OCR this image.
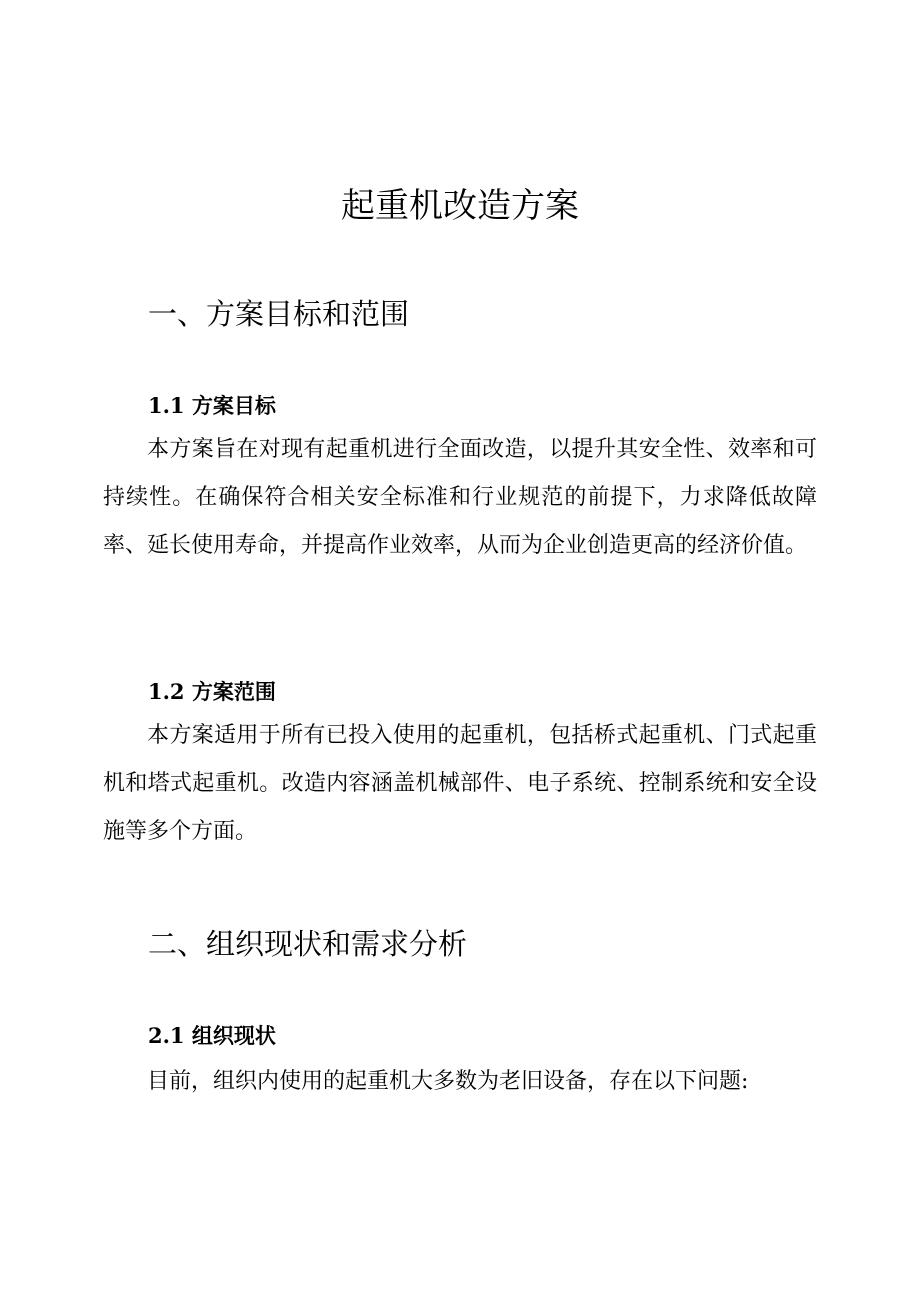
起重机改造方案
一、方案目标和范围
1.1 方案目标

本方案旨在对现有起重机进行全面改造，以提升其安全性、效率和可持续性。在确保符合相关安全标准和行业规范的前提下，力求降低故障率、延长使用寿命，并提高作业效率，从而为企业创造更高的经济价值。

1.2 方案范围

本方案适用于所有已投入使用的起重机，包括桥式起重机、门式起重机和塔式起重机。改造内容涵盖机械部件、电子系统、控制系统和安全设施等多个方面。

二、组织现状和需求分析
2.1 组织现状

目前，组织内使用的起重机大多数为老旧设备，存在以下问题:
